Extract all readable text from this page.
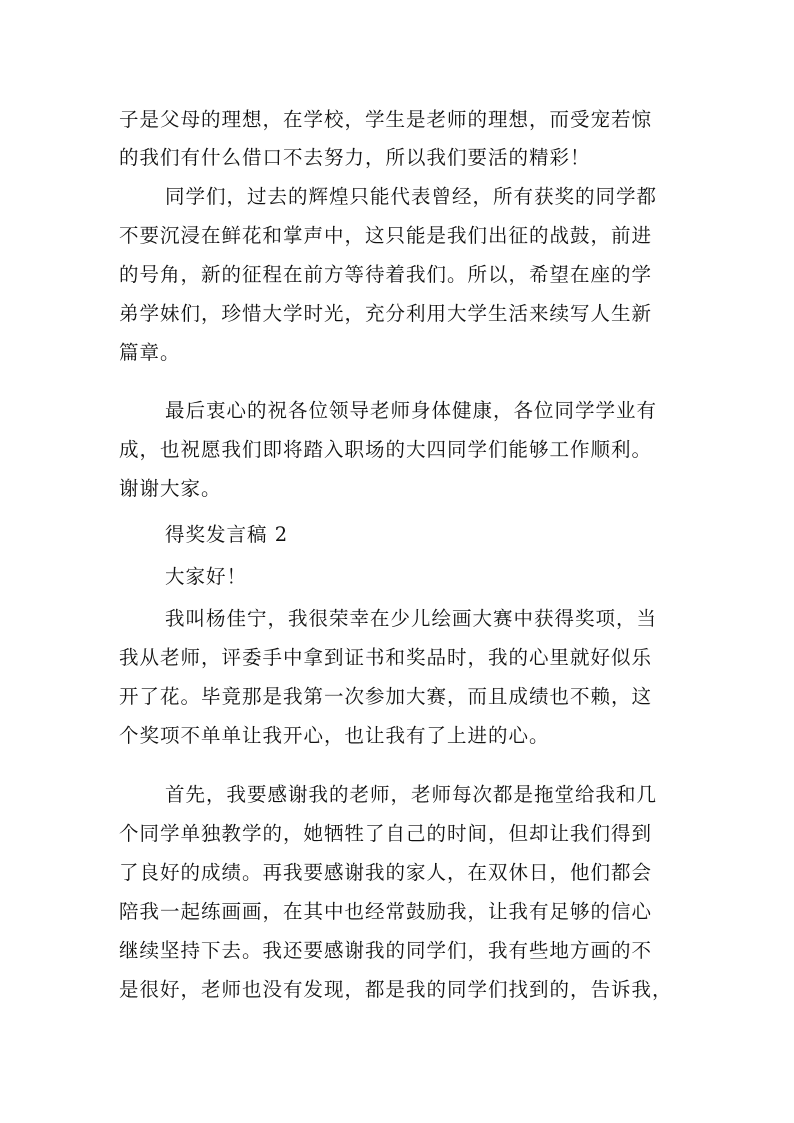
子是父母的理想，在学校，学生是老师的理想，而受宠若惊
的我们有什么借口不去努力，所以我们要活的精彩！
同学们，过去的辉煌只能代表曾经，所有获奖的同学都
不要沉浸在鲜花和掌声中，这只能是我们出征的战鼓，前进
的号角，新的征程在前方等待着我们。所以，希望在座的学
弟学妹们，珍惜大学时光，充分利用大学生活来续写人生新
篇章。
最后衷心的祝各位领导老师身体健康，各位同学学业有
成，也祝愿我们即将踏入职场的大四同学们能够工作顺利。
谢谢大家。
得奖发言稿 2
大家好！
我叫杨佳宁，我很荣幸在少儿绘画大赛中获得奖项，当
我从老师，评委手中拿到证书和奖品时，我的心里就好似乐
开了花。毕竟那是我第一次参加大赛，而且成绩也不赖，这
个奖项不单单让我开心，也让我有了上进的心。
首先，我要感谢我的老师，老师每次都是拖堂给我和几
个同学单独教学的，她牺牲了自己的时间，但却让我们得到
了良好的成绩。再我要感谢我的家人，在双休日，他们都会
陪我一起练画画，在其中也经常鼓励我，让我有足够的信心
继续坚持下去。我还要感谢我的同学们，我有些地方画的不
是很好，老师也没有发现，都是我的同学们找到的，告诉我，
